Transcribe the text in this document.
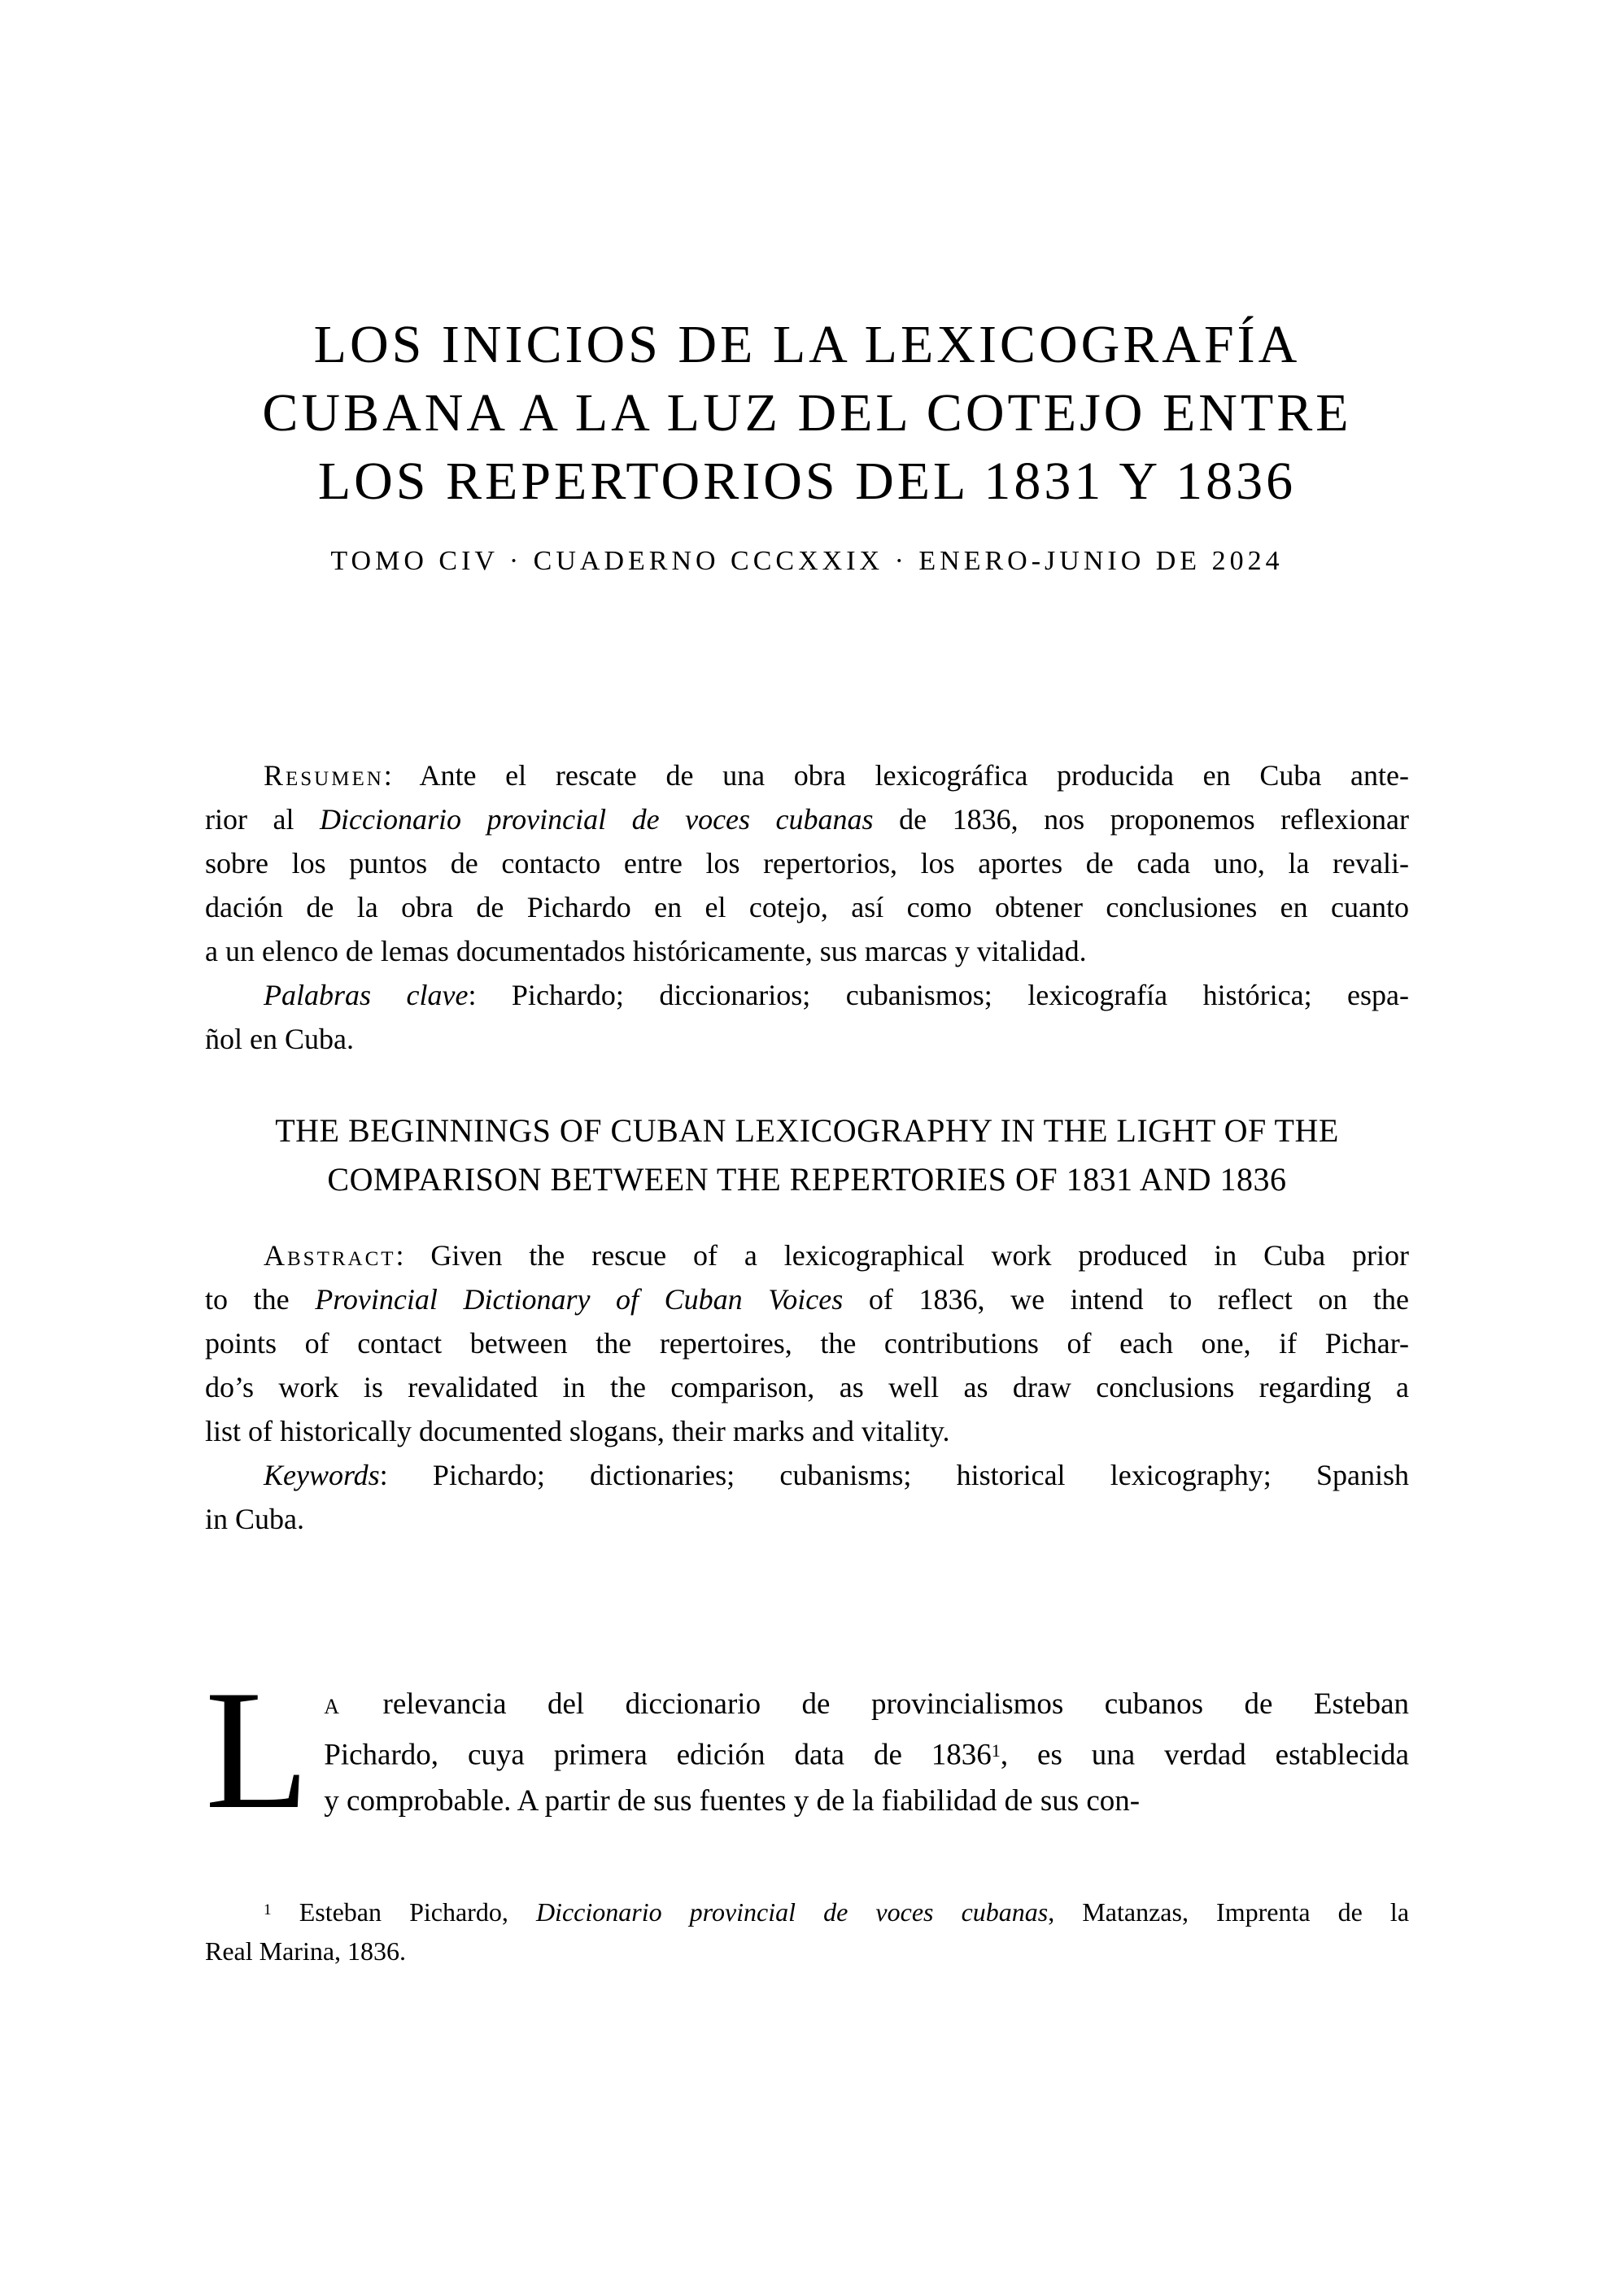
LOS INICIOS DE LA LEXICOGRAFÍA
CUBANA A LA LUZ DEL COTEJO ENTRE
LOS REPERTORIOS DEL 1831 Y 1836
TOMO CIV · CUADERNO CCCXXIX · ENERO-JUNIO DE 2024
Resumen: Ante el rescate de una obra lexicográfica producida en Cuba ante-
rior al Diccionario provincial de voces cubanas de 1836, nos proponemos reflexionar
sobre los puntos de contacto entre los repertorios, los aportes de cada uno, la revali-
dación de la obra de Pichardo en el cotejo, así como obtener conclusiones en cuanto
a un elenco de lemas documentados históricamente, sus marcas y vitalidad.
Palabras clave: Pichardo; diccionarios; cubanismos; lexicografía histórica; espa-
ñol en Cuba.
THE BEGINNINGS OF CUBAN LEXICOGRAPHY IN THE LIGHT OF THE
COMPARISON BETWEEN THE REPERTORIES OF 1831 AND 1836
Abstract: Given the rescue of a lexicographical work produced in Cuba prior
to the Provincial Dictionary of Cuban Voices of 1836, we intend to reflect on the
points of contact between the repertoires, the contributions of each one, if Pichar-
do’s work is revalidated in the comparison, as well as draw conclusions regarding a
list of historically documented slogans, their marks and vitality.
Keywords: Pichardo; dictionaries; cubanisms; historical lexicography; Spanish
in Cuba.
L a relevancia del diccionario de provincialismos cubanos de Esteban
Pichardo, cuya primera edición data de 1836$^1$, es una verdad establecida
y comprobable. A partir de sus fuentes y de la fiabilidad de sus con-
$^1$ Esteban Pichardo, Diccionario provincial de voces cubanas, Matanzas, Imprenta de la
Real Marina, 1836.
